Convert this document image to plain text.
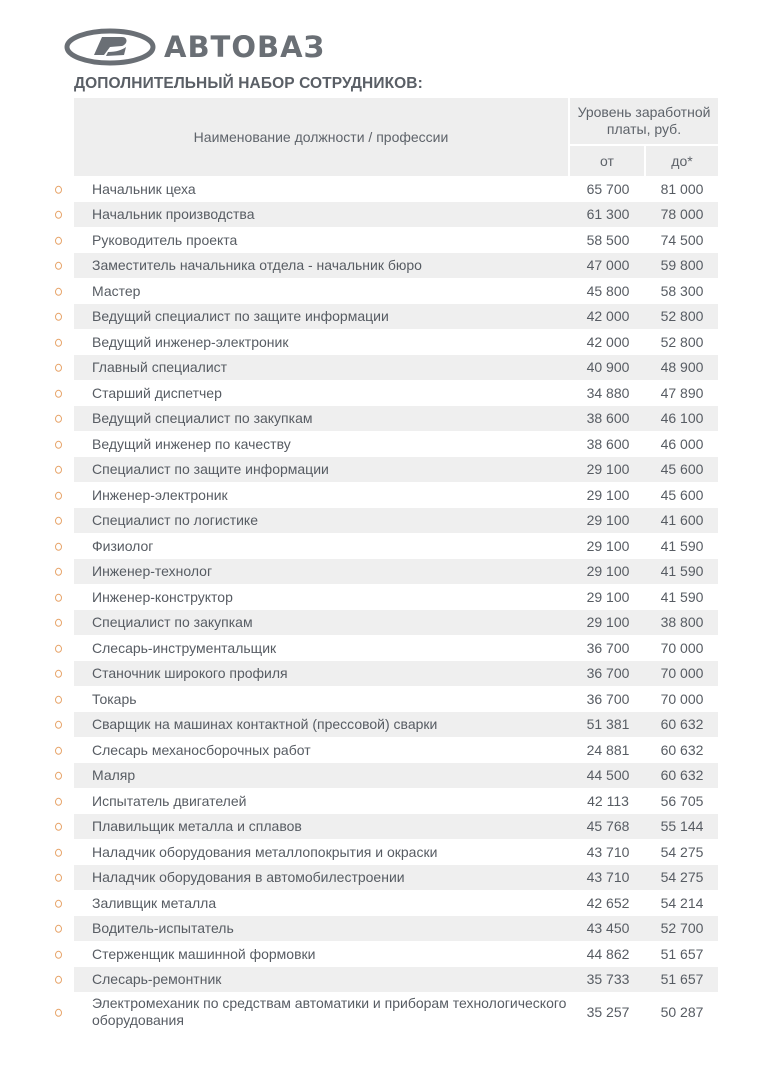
АВТОВАЗ
ДОПОЛНИТЕЛЬНЫЙ НАБОР СОТРУДНИКОВ:
Наименование должности / профессии	Уровень заработной платы, руб.	
	от	до*

Начальник цеха	65 700	81 000

Начальник производства	61 300	78 000

Руководитель проекта	58 500	74 500

Заместитель начальника отдела - начальник бюро	47 000	59 800

Мастер	45 800	58 300

Ведущий специалист по защите информации	42 000	52 800

Ведущий инженер-электроник	42 000	52 800

Главный специалист	40 900	48 900

Старший диспетчер	34 880	47 890

Ведущий специалист по закупкам	38 600	46 100

Ведущий инженер по качеству	38 600	46 000

Специалист по защите информации	29 100	45 600

Инженер-электроник	29 100	45 600

Специалист по логистике	29 100	41 600

Физиолог	29 100	41 590

Инженер-технолог	29 100	41 590

Инженер-конструктор	29 100	41 590

Специалист по закупкам	29 100	38 800

Слесарь-инструментальщик	36 700	70 000

Станочник широкого профиля	36 700	70 000

Токарь	36 700	70 000

Сварщик на машинах контактной (прессовой) сварки	51 381	60 632

Слесарь механосборочных работ	24 881	60 632

Маляр	44 500	60 632

Испытатель двигателей	42 113	56 705

Плавильщик металла и сплавов	45 768	55 144

Наладчик оборудования металлопокрытия и окраски	43 710	54 275

Наладчик оборудования в автомобилестроении	43 710	54 275

Заливщик металла	42 652	54 214

Водитель-испытатель	43 450	52 700

Стерженщик машинной формовки	44 862	51 657

Слесарь-ремонтник	35 733	51 657

Электромеханик по средствам автоматики и приборам технологического оборудования	35 257	50 287
